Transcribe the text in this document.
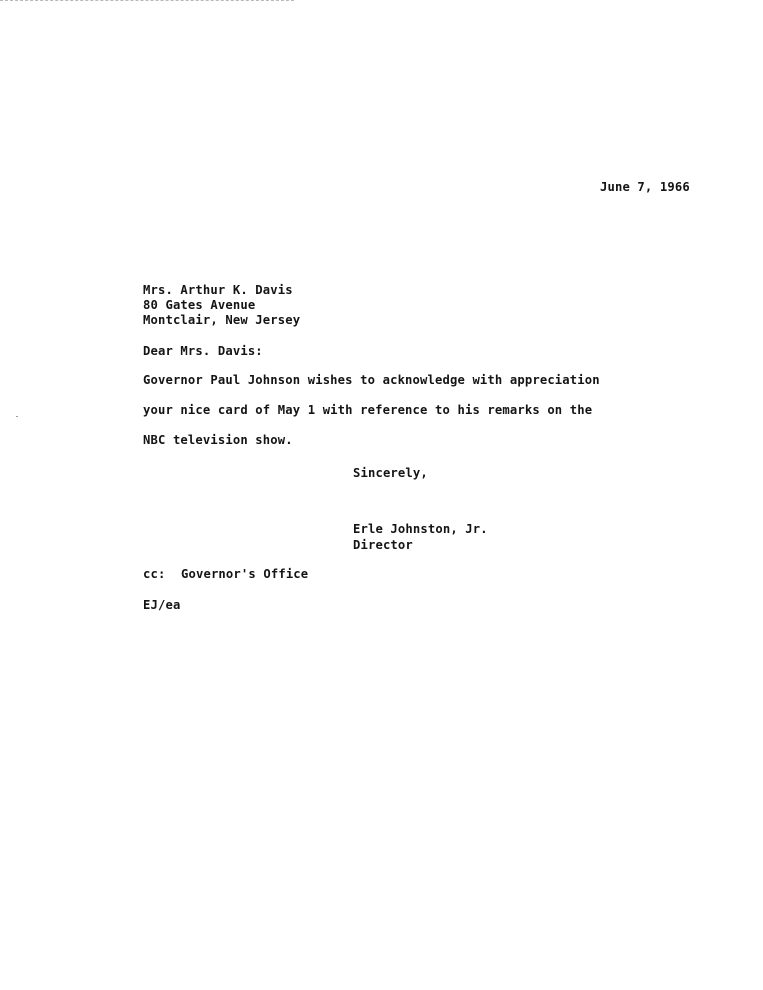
June 7, 1966
Mrs. Arthur K. Davis
80 Gates Avenue
Montclair, New Jersey
Dear Mrs. Davis:
Governor Paul Johnson wishes to acknowledge with appreciation
your nice card of May 1 with reference to his remarks on the
NBC television show.
Sincerely,
Erle Johnston, Jr.
Director
cc: Governor's Office
EJ/ea
